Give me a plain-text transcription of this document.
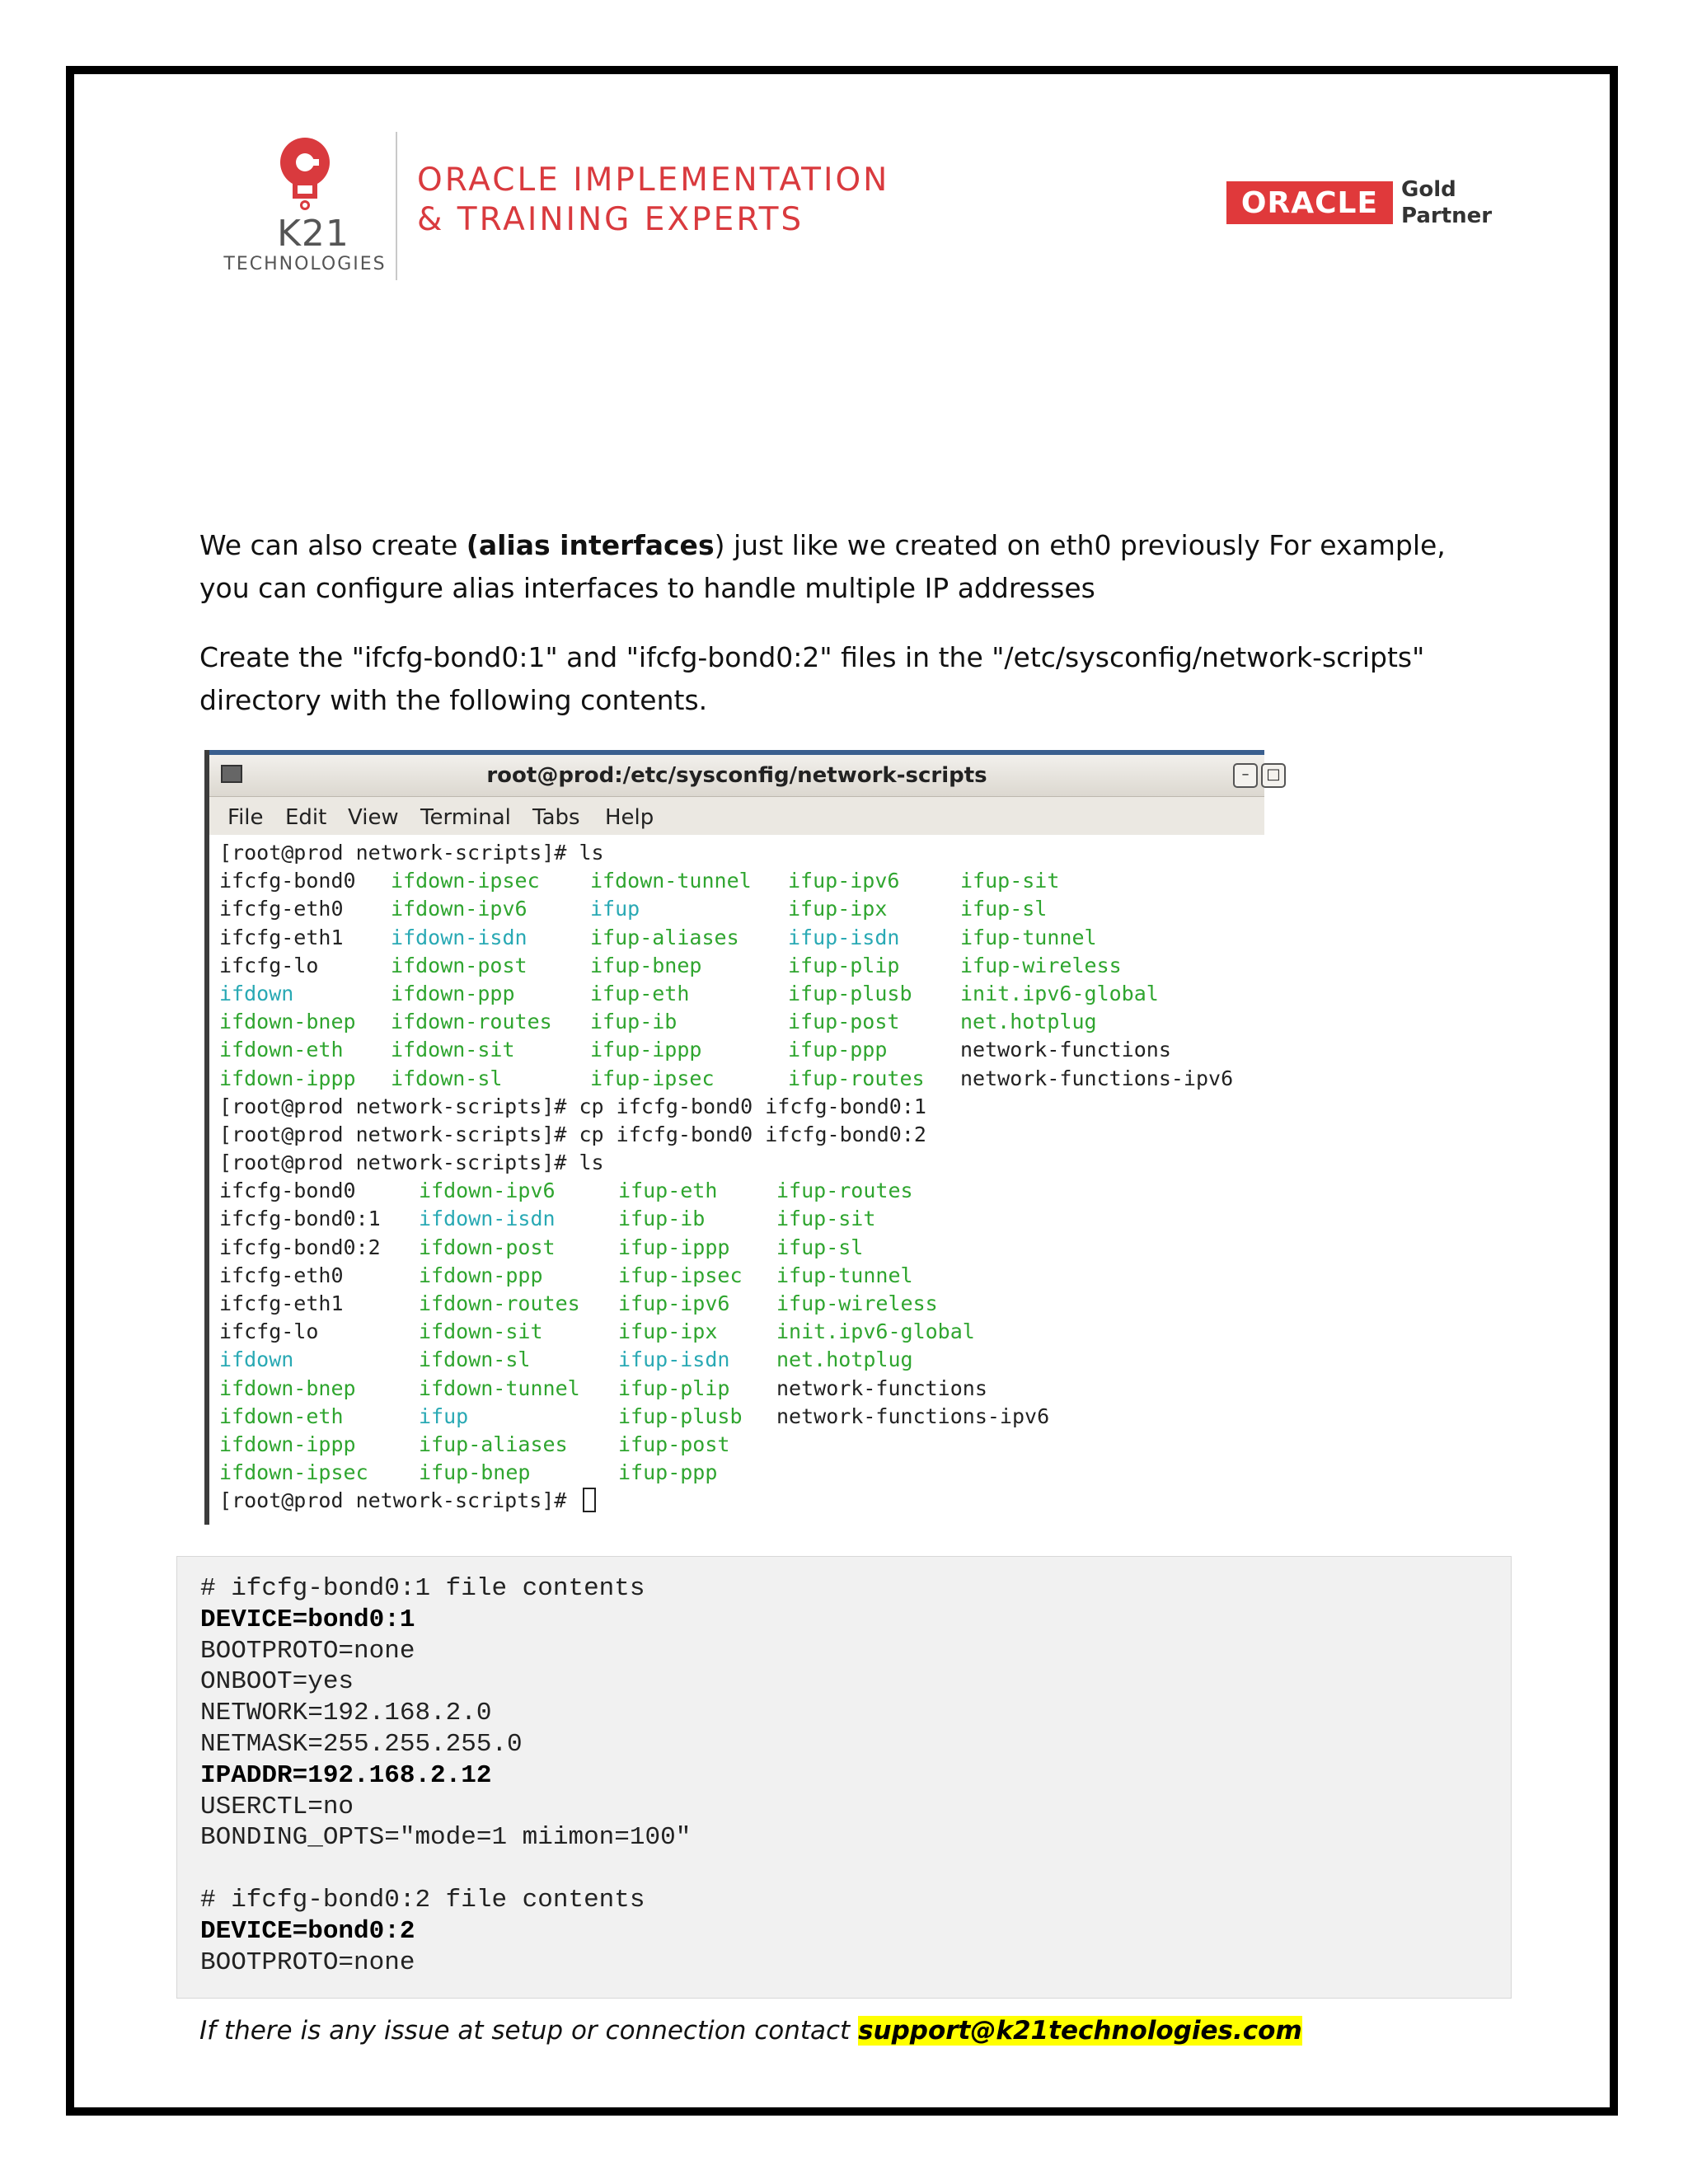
K21
TECHNOLOGIES
ORACLE IMPLEMENTATION
& TRAINING EXPERTS	ORACLE	Gold
Partner
We can also create (alias interfaces) just like we created on eth0 previously For example, you can configure alias interfaces to handle multiple IP addresses
Create the "ifcfg-bond0:1" and "ifcfg-bond0:2" files in the "/etc/sysconfig/network-scripts" directory with the following contents.
root@prod:/etc/sysconfig/network-scripts	–	□
File Edit View Terminal Tabs Help
[root@prod network-scripts]# ls
ifcfg-bond0 ifdown-ipsec ifdown-tunnel ifup-ipv6	ifup-sit
ifcfg-eth0 ifdown-ipv6	ifup	ifup-ipx	ifup-sl
ifcfg-eth1 ifdown-isdn	ifup-aliases ifup-isdn	ifup-tunnel
ifcfg-lo	ifdown-post	ifup-bnep	ifup-plip	ifup-wireless
ifdown	ifdown-ppp	ifup-eth	ifup-plusb init.ipv6-global
ifdown-bnep ifdown-routes ifup-ib	ifup-post	net.hotplug
ifdown-eth ifdown-sit	ifup-ippp	ifup-ppp	network-functions
ifdown-ippp ifdown-sl	ifup-ipsec	ifup-routes network-functions-ipv6
[root@prod network-scripts]# cp ifcfg-bond0 ifcfg-bond0:1
[root@prod network-scripts]# cp ifcfg-bond0 ifcfg-bond0:2
[root@prod network-scripts]# ls
ifcfg-bond0	ifdown-ipv6	ifup-eth	ifup-routes
ifcfg-bond0:1 ifdown-isdn	ifup-ib	ifup-sit
ifcfg-bond0:2 ifdown-post	ifup-ippp ifup-sl
ifcfg-eth0	ifdown-ppp	ifup-ipsec ifup-tunnel
ifcfg-eth1	ifdown-routes ifup-ipv6 ifup-wireless
ifcfg-lo	ifdown-sit	ifup-ipx	init.ipv6-global
ifdown	ifdown-sl	ifup-isdn net.hotplug
ifdown-bnep	ifdown-tunnel ifup-plip network-functions
ifdown-eth	ifup	ifup-plusb network-functions-ipv6
ifdown-ippp	ifup-aliases ifup-post
ifdown-ipsec ifup-bnep	ifup-ppp
[root@prod network-scripts]#
# ifcfg-bond0:1 file contents
DEVICE=bond0:1
BOOTPROTO=none
ONBOOT=yes
NETWORK=192.168.2.0
NETMASK=255.255.255.0
IPADDR=192.168.2.12
USERCTL=no
BONDING_OPTS="mode=1 miimon=100"

# ifcfg-bond0:2 file contents
DEVICE=bond0:2
BOOTPROTO=none
If there is any issue at setup or connection contact support@k21technologies.com
